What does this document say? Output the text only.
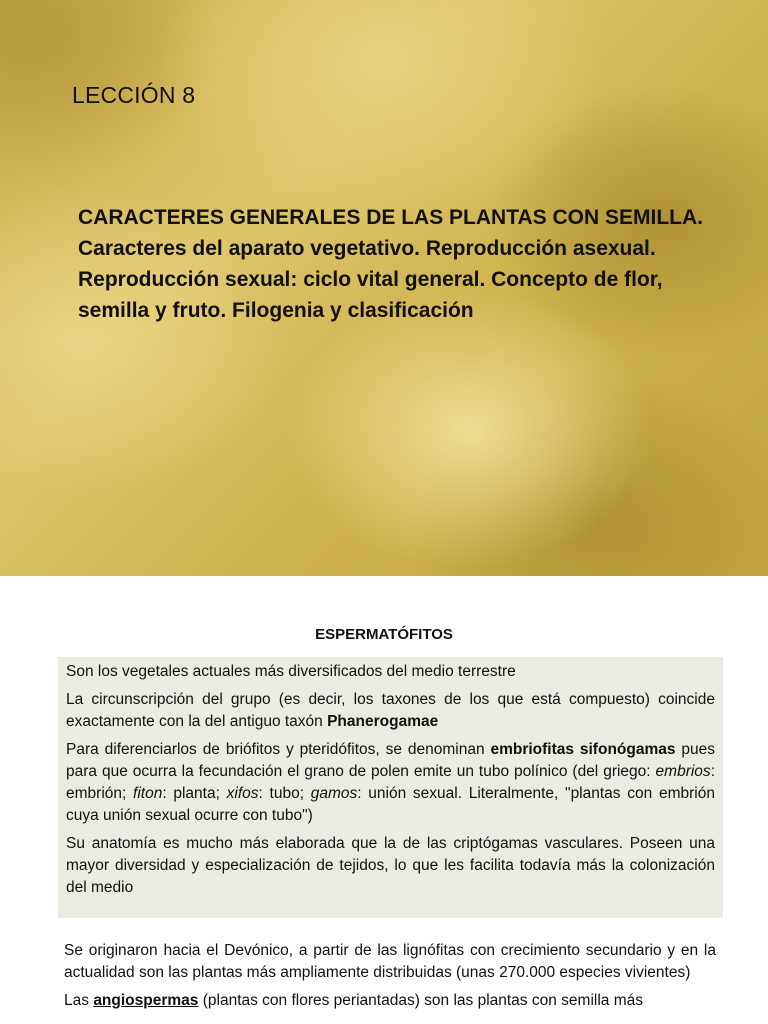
LECCIÓN 8
CARACTERES GENERALES DE LAS PLANTAS CON SEMILLA. Caracteres del aparato vegetativo. Reproducción asexual. Reproducción sexual: ciclo vital general. Concepto de flor, semilla y fruto. Filogenia y clasificación
ESPERMATÓFITOS

Son los vegetales actuales más diversificados del medio terrestre

La circunscripción del grupo (es decir, los taxones de los que está compuesto) coincide exactamente con la del antiguo taxón Phanerogamae

Para diferenciarlos de briófitos y pteridófitos, se denominan embriofitas sifonógamas pues para que ocurra la fecundación el grano de polen emite un tubo polínico (del griego: embrios: embrión; fiton: planta; xifos: tubo; gamos: unión sexual. Literalmente, "plantas con embrión cuya unión sexual ocurre con tubo")

Su anatomía es mucho más elaborada que la de las criptógamas vasculares. Poseen una mayor diversidad y especialización de tejidos, lo que les facilita todavía más la colonización del medio

Se originaron hacia el Devónico, a partir de las lignófitas con crecimiento secundario y en la actualidad son las plantas más ampliamente distribuidas (unas 270.000 especies vivientes)

Las angiospermas (plantas con flores periantadas) son las plantas con semilla más
